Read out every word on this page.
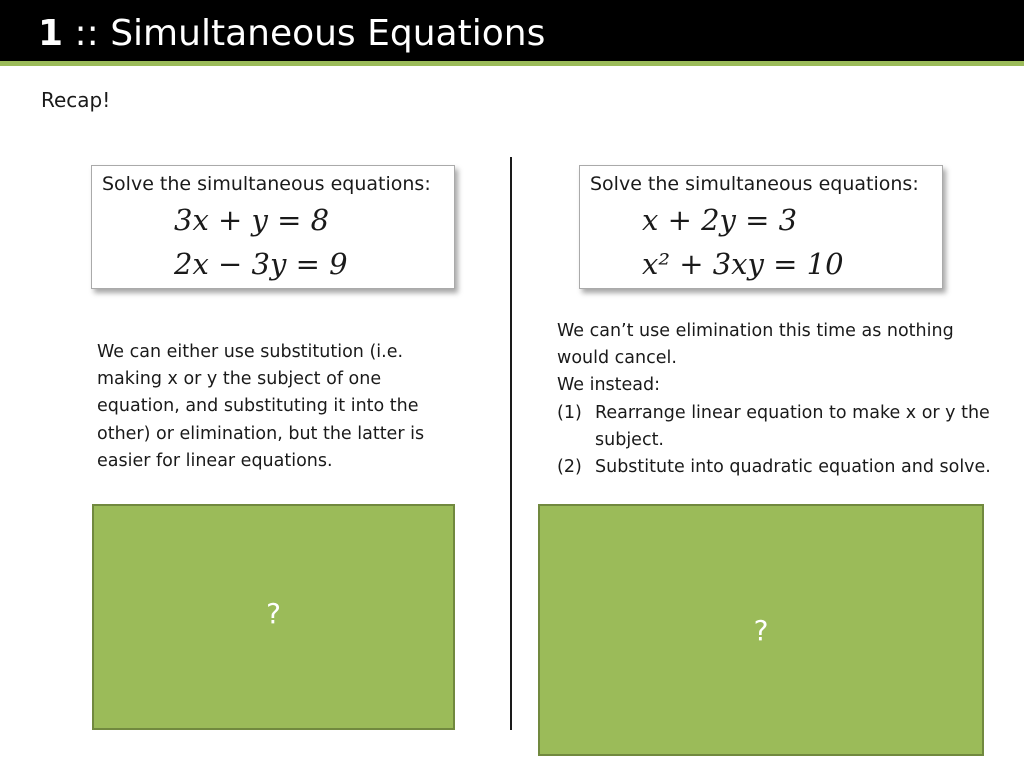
1 :: Simultaneous Equations
Recap!
Solve the simultaneous equations:
3x + y = 8
2x − 3y = 9
Solve the simultaneous equations:
x + 2y = 3
x² + 3xy = 10
We can either use substitution (i.e. making x or y the subject of one equation, and substituting it into the other) or elimination, but the latter is easier for linear equations.

We can’t use elimination this time as nothing

would cancel.

We instead:

(1) Rearrange linear equation to make x or y the subject.
(2) Substitute into quadratic equation and solve.
?
?
